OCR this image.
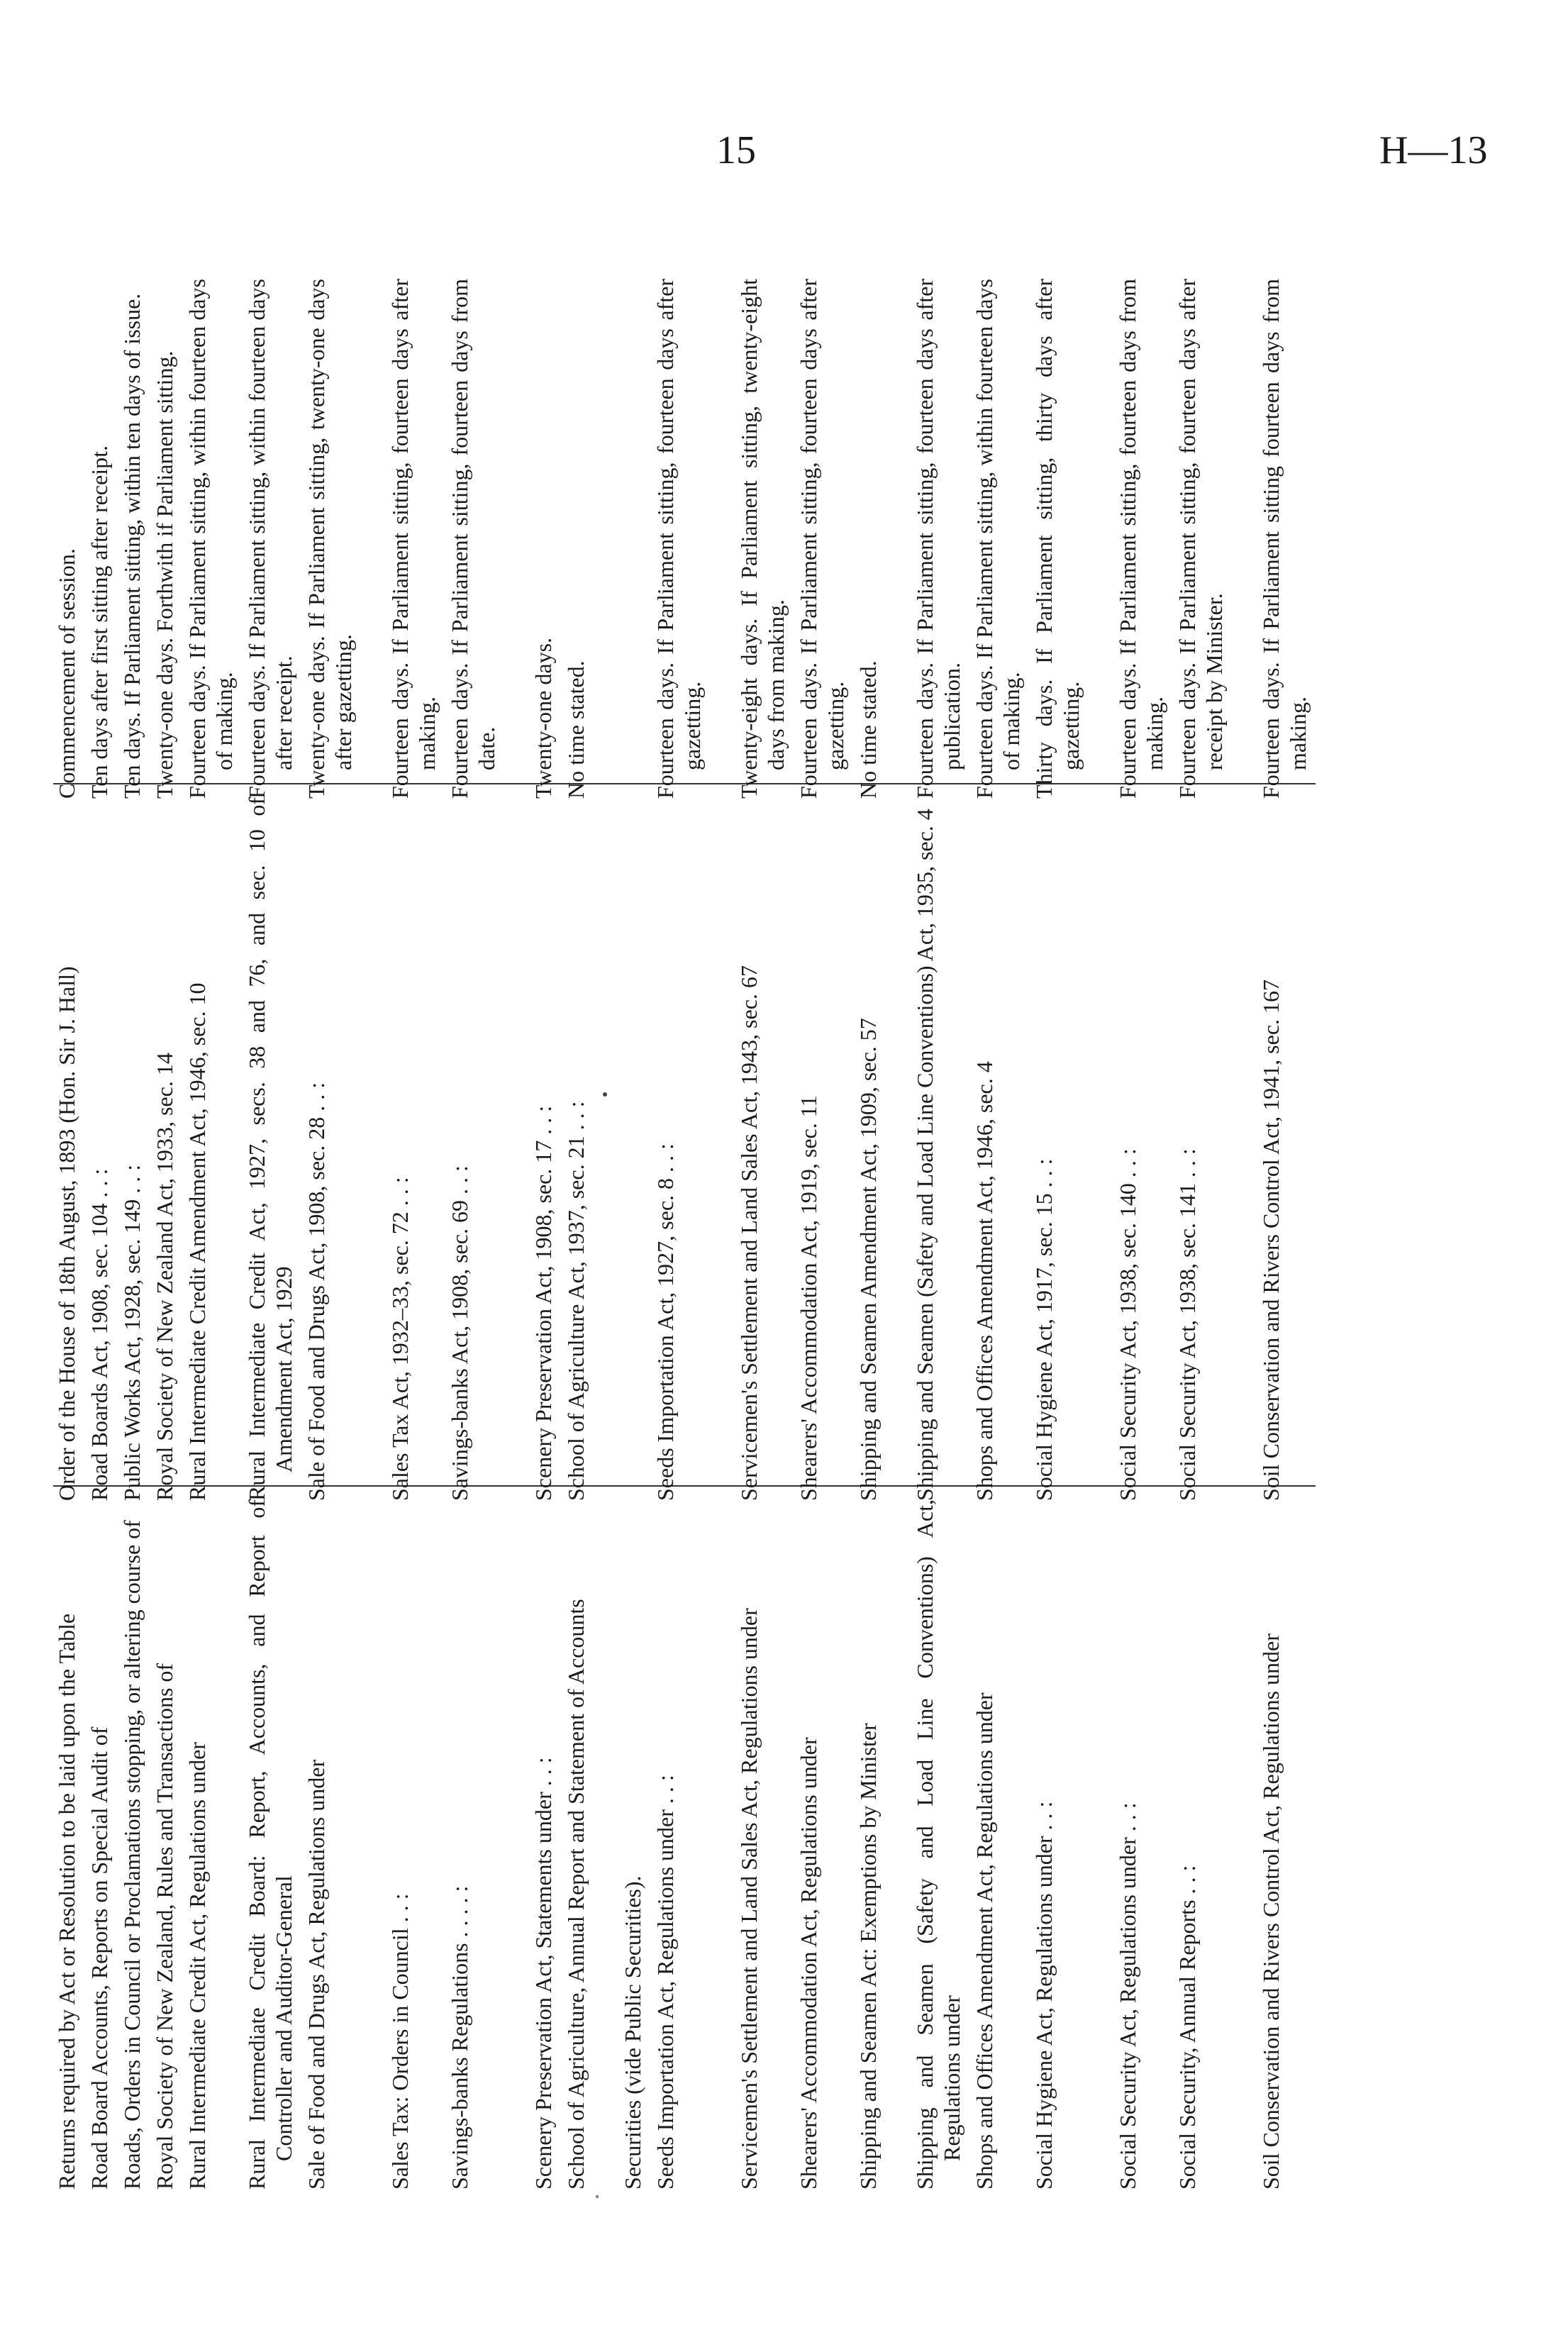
15	H—13
Returns required by Act or Resolution to be laid upon the Table	Order of the House of 18th August, 1893 (Hon. Sir J. Hall)	Commencement of session.
Road Board Accounts, Reports on Special Audit of	Road Boards Act, 1908, sec. 104 . . :	Ten days after first sitting after receipt.
Roads, Orders in Council or Proclamations stopping, or altering course of	Public Works Act, 1928, sec. 149 . . :	Ten days. If Parliament sitting, within ten days of issue.
Royal Society of New Zealand, Rules and Transactions of	Royal Society of New Zealand Act, 1933, sec. 14	Twenty-one days. Forthwith if Parliament sitting.
Rural Intermediate Credit Act, Regulations under	Rural Intermediate Credit Amendment Act, 1946, sec. 10	Fourteen days. If Parliament sitting, within fourteen days of making.
Rural Intermediate Credit Board: Report, Accounts, and Report of Controller and Auditor-General	Rural Intermediate Credit Act, 1927, secs. 38 and 76, and sec. 10 of Amendment Act, 1929	Fourteen days. If Parliament sitting, within fourteen days after receipt.
Sale of Food and Drugs Act, Regulations under	Sale of Food and Drugs Act, 1908, sec. 28 . . :	Twenty-one days. If Parliament sitting, twenty-one days after gazetting.

Sales Tax: Orders in Council . . :	Sales Tax Act, 1932–33, sec. 72 . . :	Fourteen days. If Parliament sitting, fourteen days after making.
Savings-banks Regulations . . . . :	Savings-banks Act, 1908, sec. 69 . . :	Fourteen days. If Parliament sitting, fourteen days from date.

Scenery Preservation Act, Statements under . . :	Scenery Preservation Act, 1908, sec. 17 . . :	Twenty-one days.
School of Agriculture, Annual Report and Statement of Accounts	School of Agriculture Act, 1937, sec. 21 . . :	No time stated.

Securities (vide Public Securities).		
Seeds Importation Act, Regulations under . . :	Seeds Importation Act, 1927, sec. 8 . . :	Fourteen days. If Parliament sitting, fourteen days after gazetting.

Servicemen's Settlement and Land Sales Act, Regulations under	Servicemen's Settlement and Land Sales Act, 1943, sec. 67	Twenty-eight days. If Parliament sitting, twenty-eight days from making.
Shearers' Accommodation Act, Regulations under	Shearers' Accommodation Act, 1919, sec. 11	Fourteen days. If Parliament sitting, fourteen days after gazetting.
Shipping and Seamen Act: Exemptions by Minister	Shipping and Seamen Amendment Act, 1909, sec. 57	No time stated.

Shipping and Seamen (Safety and Load Line Conventions) Act, Regulations under	Shipping and Seamen (Safety and Load Line Conventions) Act, 1935, sec. 4	Fourteen days. If Parliament sitting, fourteen days after publication.
Shops and Offices Amendment Act, Regulations under	Shops and Offices Amendment Act, 1946, sec. 4	Fourteen days. If Parliament sitting, within fourteen days of making.
Social Hygiene Act, Regulations under . . :	Social Hygiene Act, 1917, sec. 15 . . :	Thirty days. If Parliament sitting, thirty days after gazetting.

Social Security Act, Regulations under . . :	Social Security Act, 1938, sec. 140 . . :	Fourteen days. If Parliament sitting, fourteen days from making.
Social Security, Annual Reports . . :	Social Security Act, 1938, sec. 141 . . :	Fourteen days. If Parliament sitting, fourteen days after receipt by Minister.

Soil Conservation and Rivers Control Act, Regulations under	Soil Conservation and Rivers Control Act, 1941, sec. 167	Fourteen days. If Parliament sitting fourteen days from making.
